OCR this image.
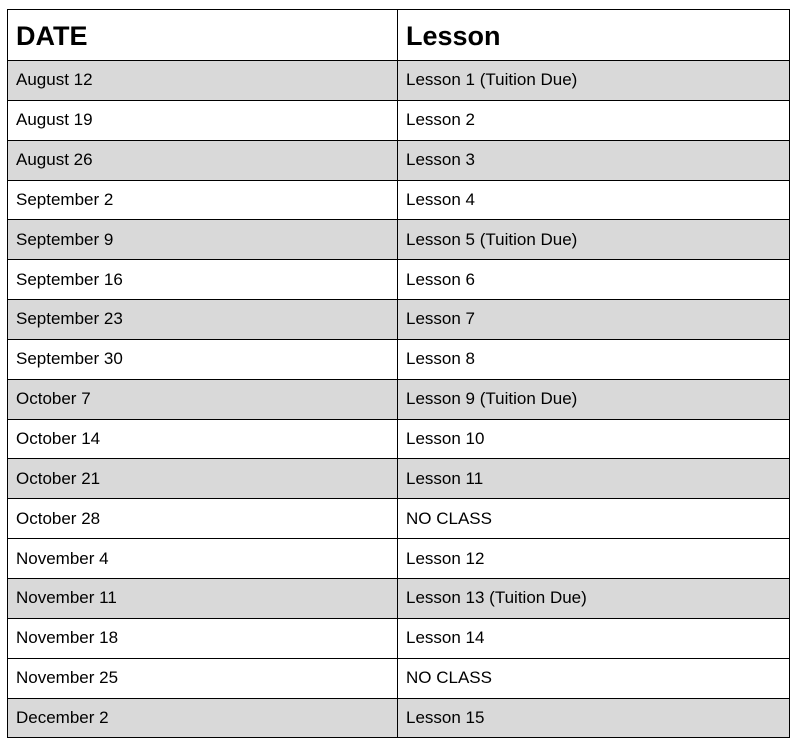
DATE	Lesson
August 12	Lesson 1 (Tuition Due)
August 19	Lesson 2
August 26	Lesson 3
September 2	Lesson 4
September 9	Lesson 5 (Tuition Due)
September 16	Lesson 6
September 23	Lesson 7
September 30	Lesson 8
October 7	Lesson 9 (Tuition Due)
October 14	Lesson 10
October 21	Lesson 11
October 28	NO CLASS
November 4	Lesson 12
November 11	Lesson 13 (Tuition Due)
November 18	Lesson 14
November 25	NO CLASS
December 2	Lesson 15
